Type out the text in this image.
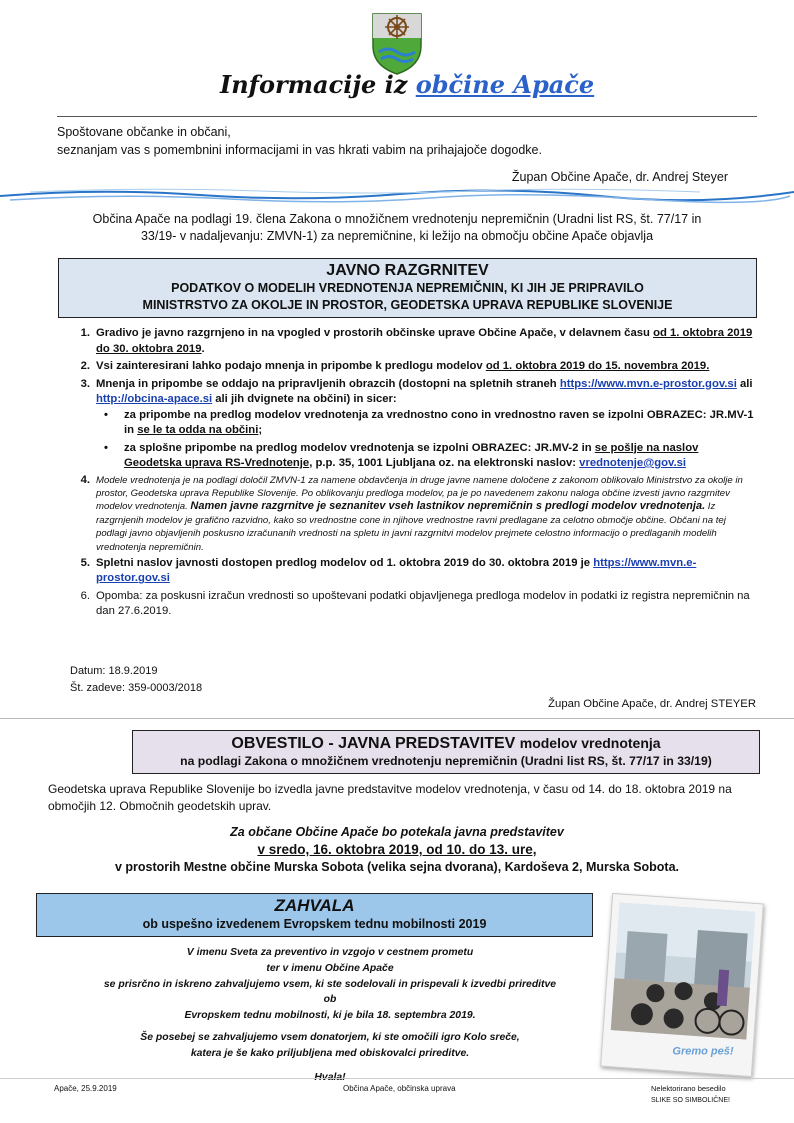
Informacije iz občine Apače
Spoštovane občanke in občani,
seznanjam vas s pomembnini informacijami in vas hkrati vabim na prihajajoče dogodke.
Župan Občine Apače, dr. Andrej Steyer
Občina Apače na podlagi 19. člena Zakona o množičnem vrednotenju nepremičnin (Uradni list RS, št. 77/17 in
33/19- v nadaljevanju: ZMVN-1) za nepremičnine, ki ležijo na območju občine Apače objavlja
JAVNO RAZGRNITEV
PODATKOV O MODELIH VREDNOTENJA NEPREMIČNIN, KI JIH JE PRIPRAVILO
MINISTRSTVO ZA OKOLJE IN PROSTOR, GEODETSKA UPRAVA REPUBLIKE SLOVENIJE
1. Gradivo je javno razgrnjeno in na vpogled v prostorih občinske uprave Občine Apače, v delavnem času od 1. oktobra 2019 do 30. oktobra 2019.
2. Vsi zainteresirani lahko podajo mnenja in pripombe k predlogu modelov od 1. oktobra 2019 do 15. novembra 2019.
3. Mnenja in pripombe se oddajo na pripravljenih obrazcih (dostopni na spletnih straneh https://www.mvn.e-prostor.gov.si ali http://obcina-apace.si ali jih dvignete na občini) in sicer:
• za pripombe na predlog modelov vrednotenja za vrednostno cono in vrednostno raven se izpolni OBRAZEC: JR.MV-1 in se le ta odda na občini;
• za splošne pripombe na predlog modelov vrednotenja se izpolni OBRAZEC: JR.MV-2 in se pošlje na naslov Geodetska uprava RS-Vrednotenje, p.p. 35, 1001 Ljubljana oz. na elektronski naslov: vrednotenje@gov.si
4. Modele vrednotenja je na podlagi določil ZMVN-1 za namene obdavčenja in druge javne namene določene z zakonom oblikovalo Ministrstvo za okolje in prostor, Geodetska uprava Republike Slovenije. Po oblikovanju predloga modelov, pa je po navedenem zakonu naloga občine izvesti javno razgrnitev modelov vrednotenja. Namen javne razgrnitve je seznanitev vseh lastnikov nepremičnin s predlogi modelov vrednotenja. Iz razgrnjenih modelov je grafično razvidno, kako so vrednostne cone in njihove vrednostne ravni predlagane za celotno območje občine. Občani na tej podlagi javno objavljenih poskusno izračunanih vrednosti na spletu in javni razgrnitvi modelov prejmete celostno informacijo o predlaganih modelih vrednotenja nepremičnin.
5. Spletni naslov javnosti dostopen predlog modelov od 1. oktobra 2019 do 30. oktobra 2019 je https://www.mvn.e-prostor.gov.si
6. Opomba: za poskusni izračun vrednosti so upoštevani podatki objavljenega predloga modelov in podatki iz registra nepremičnin na dan 27.6.2019.
Datum: 18.9.2019
Št. zadeve: 359-0003/2018
Župan Občine Apače, dr. Andrej STEYER
OBVESTILO - JAVNA PREDSTAVITEV modelov vrednotenja
na podlagi Zakona o množičnem vrednotenju nepremičnin (Uradni list RS, št. 77/17 in 33/19)
Geodetska uprava Republike Slovenije bo izvedla javne predstavitve modelov vrednotenja, v času od 14. do 18. oktobra 2019 na območjih 12. Območnih geodetskih uprav.
Za občane Občine Apače bo potekala javna predstavitev
v sredo, 16. oktobra 2019, od 10. do 13. ure,
v prostorih Mestne občine Murska Sobota (velika sejna dvorana), Kardoševa 2, Murska Sobota.
ZAHVALA
ob uspešno izvedenem Evropskem tednu mobilnosti 2019
V imenu Sveta za preventivo in vzgojo v cestnem prometu
ter v imenu Občine Apače
se prisrčno in iskreno zahvaljujemo vsem, ki ste sodelovali in prispevali k izvedbi prireditve ob
Evropskem tednu mobilnosti, ki je bila 18. septembra 2019.
Še posebej se zahvaljujemo vsem donatorjem, ki ste omočili igro Kolo sreče,
katera je še kako priljubljena med obiskovalci prireditve.	Gremo peš!
Apače, 25.9.2019	Občina Apače, občinska uprava	Nelektorirano besedilo
SLIKE SO SIMBOLIČNE!
